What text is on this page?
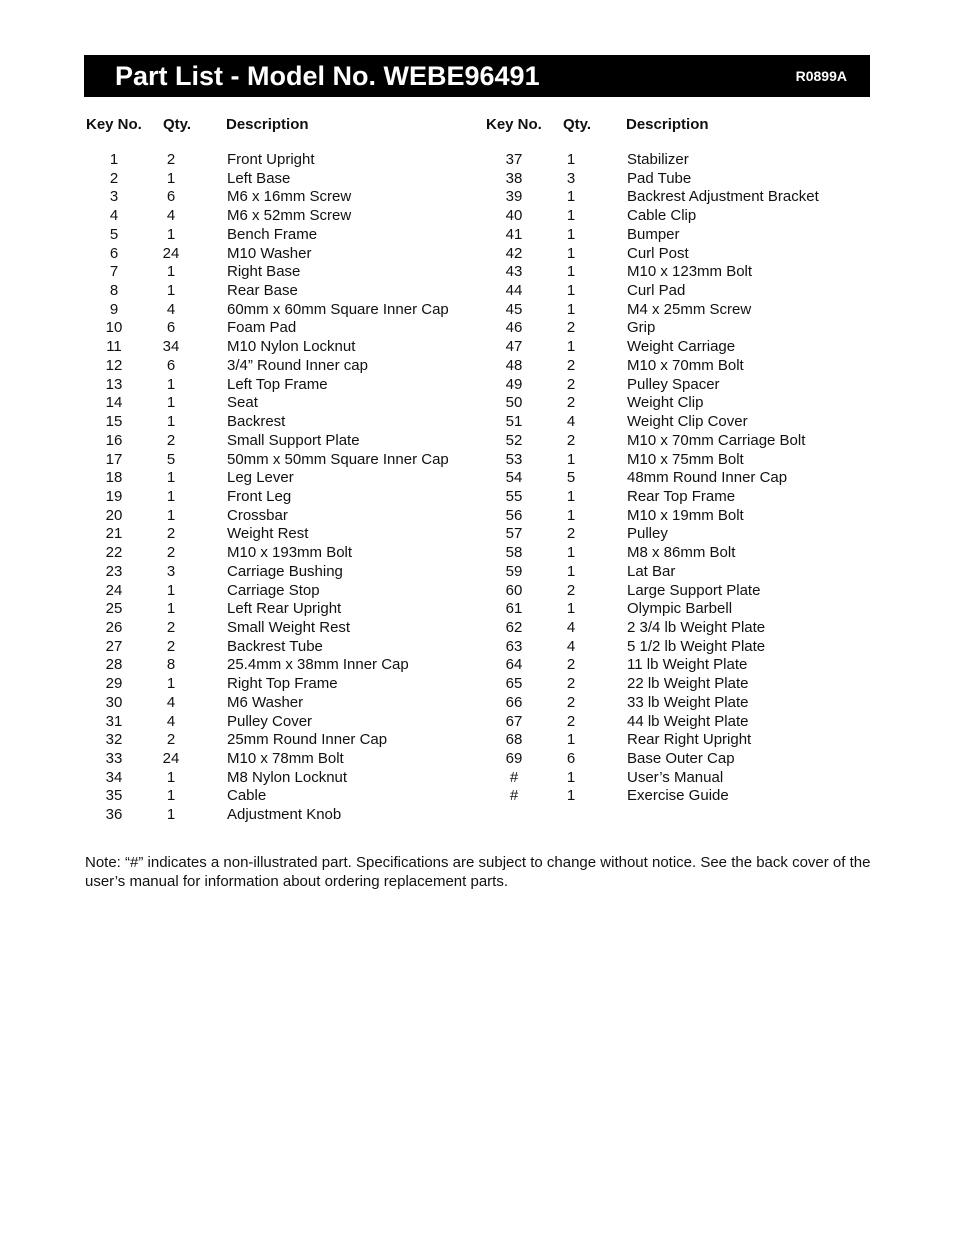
Part List - Model No. WEBE96491	R0899A
Key No. Qty. Description
1	2	Front Upright
2	1	Left Base
3	6	M6 x 16mm Screw
4	4	M6 x 52mm Screw
5	1	Bench Frame
6	24	M10 Washer
7	1	Right Base
8	1	Rear Base
9	4	60mm x 60mm Square Inner Cap
10	6	Foam Pad
11	34	M10 Nylon Locknut
12	6	3/4” Round Inner cap
13	1	Left Top Frame
14	1	Seat
15	1	Backrest
16	2	Small Support Plate
17	5	50mm x 50mm Square Inner Cap
18	1	Leg Lever
19	1	Front Leg
20	1	Crossbar
21	2	Weight Rest
22	2	M10 x 193mm Bolt
23	3	Carriage Bushing
24	1	Carriage Stop
25	1	Left Rear Upright
26	2	Small Weight Rest
27	2	Backrest Tube
28	8	25.4mm x 38mm Inner Cap
29	1	Right Top Frame
30	4	M6 Washer
31	4	Pulley Cover
32	2	25mm Round Inner Cap
33	24	M10 x 78mm Bolt
34	1	M8 Nylon Locknut
35	1	Cable
36	1	Adjustment Knob
Key No. Qty. Description
37	1	Stabilizer
38	3	Pad Tube
39	1	Backrest Adjustment Bracket
40	1	Cable Clip
41	1	Bumper
42	1	Curl Post
43	1	M10 x 123mm Bolt
44	1	Curl Pad
45	1	M4 x 25mm Screw
46	2	Grip
47	1	Weight Carriage
48	2	M10 x 70mm Bolt
49	2	Pulley Spacer
50	2	Weight Clip
51	4	Weight Clip Cover
52	2	M10 x 70mm Carriage Bolt
53	1	M10 x 75mm Bolt
54	5	48mm Round Inner Cap
55	1	Rear Top Frame
56	1	M10 x 19mm Bolt
57	2	Pulley
58	1	M8 x 86mm Bolt
59	1	Lat Bar
60	2	Large Support Plate
61	1	Olympic Barbell
62	4	2 3/4 lb Weight Plate
63	4	5 1/2 lb Weight Plate
64	2	11 lb Weight Plate
65	2	22 lb Weight Plate
66	2	33 lb Weight Plate
67	2	44 lb Weight Plate
68	1	Rear Right Upright
69	6	Base Outer Cap
#	1	User’s Manual
#	1	Exercise Guide
Note: “#” indicates a non-illustrated part. Specifications are subject to change without notice. See the back cover of the user’s manual for information about ordering replacement parts.
